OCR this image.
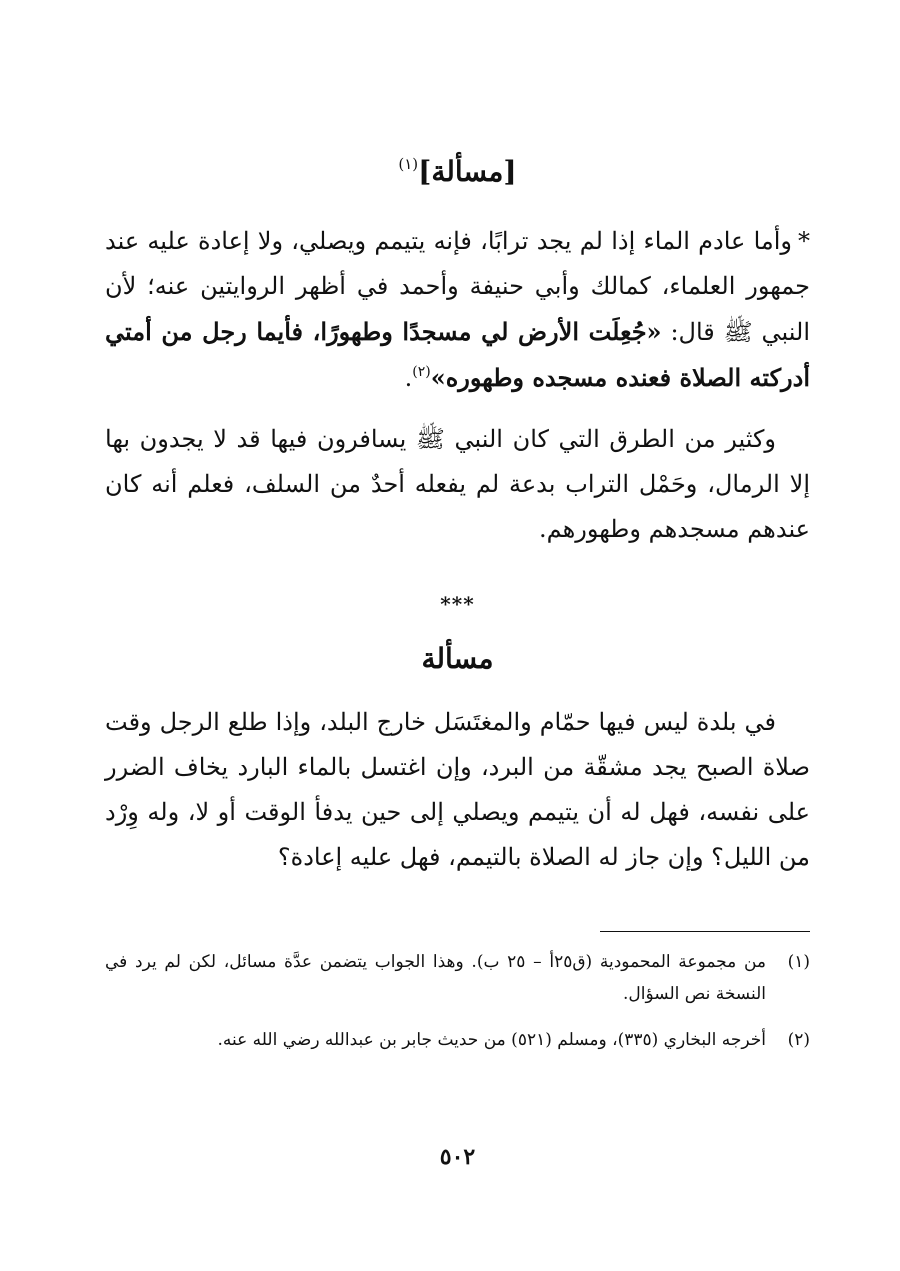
[مسألة]$^{(١)}$

*وأما عادم الماء إذا لم يجد ترابًا، فإنه يتيمم ويصلي، ولا إعادة عليه عند جمهور العلماء، كمالك وأبي حنيفة وأحمد في أظهر الروايتين عنه؛ لأن النبي ﷺ قال: «جُعِلَت الأرض لي مسجدًا وطهورًا، فأيما رجل من أمتي أدركته الصلاة فعنده مسجده وطهوره»$^{(٢)}$.

وكثير من الطرق التي كان النبي ﷺ يسافرون فيها قد لا يجدون بها إلا الرمال، وحَمْل التراب بدعة لم يفعله أحدٌ من السلف، فعلم أنه كان عندهم مسجدهم وطهورهم.

***
مسألة

في بلدة ليس فيها حمّام والمغتَسَل خارج البلد، وإذا طلع الرجل وقت صلاة الصبح يجد مشقّة من البرد، وإن اغتسل بالماء البارد يخاف الضرر على نفسه، فهل له أن يتيمم ويصلي إلى حين يدفأ الوقت أو لا، وله وِرْد من الليل؟ وإن جاز له الصلاة بالتيمم، فهل عليه إعادة؟

(١)
من مجموعة المحمودية (ق٢٥أ – ٢٥ ب). وهذا الجواب يتضمن عدَّة مسائل، لكن لم يرد في النسخة نص السؤال.

(٢)
أخرجه البخاري (٣٣٥)، ومسلم (٥٢١) من حديث جابر بن عبدالله رضي الله عنه.

٥٠٢
